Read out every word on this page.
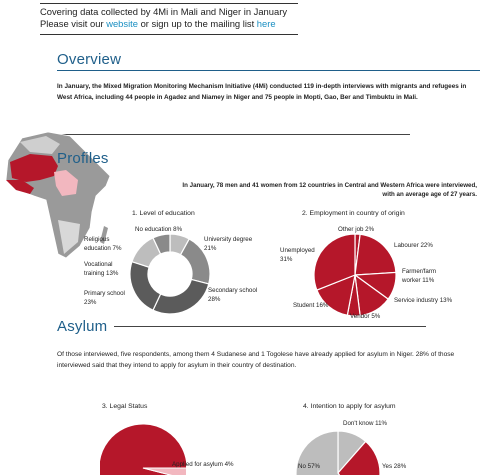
Covering data collected by 4Mi in Mali and Niger in January
Please visit our website or sign up to the mailing list here
Overview
In January, the Mixed Migration Monitoring Mechanism Initiative (4Mi) conducted 119 in-depth interviews with migrants and refugees in West Africa, including 44 people in Agadez and Niamey in Niger and 75 people in Mopti, Gao, Ber and Timbuktu in Mali.
Profiles
In January, 78 men and 41 women from 12 countries in Central and Western Africa were interviewed,
with an average age of 27 years.
1. Level of education
No education 8%
University degree 21%
Secondary school 28%
Primary school 23%
Vocational training 13%
Religious education 7%
2. Employment in country of origin
Other job 2%
Labourer 22%
Farmer/farm worker 11%
Service industry 13%
Vendor 5%
Student 16%
Unemployed 31%
Asylum
Of those interviewed, five respondents, among them 4 Sudanese and 1 Togolese have already applied for asylum in Niger. 28% of those interviewed said that they intend to apply for asylum in their country of destination.
3. Legal Status
Applied for asylum 4%
4. Intention to apply for asylum
Don't know 11%
Yes 28%
No 57%
